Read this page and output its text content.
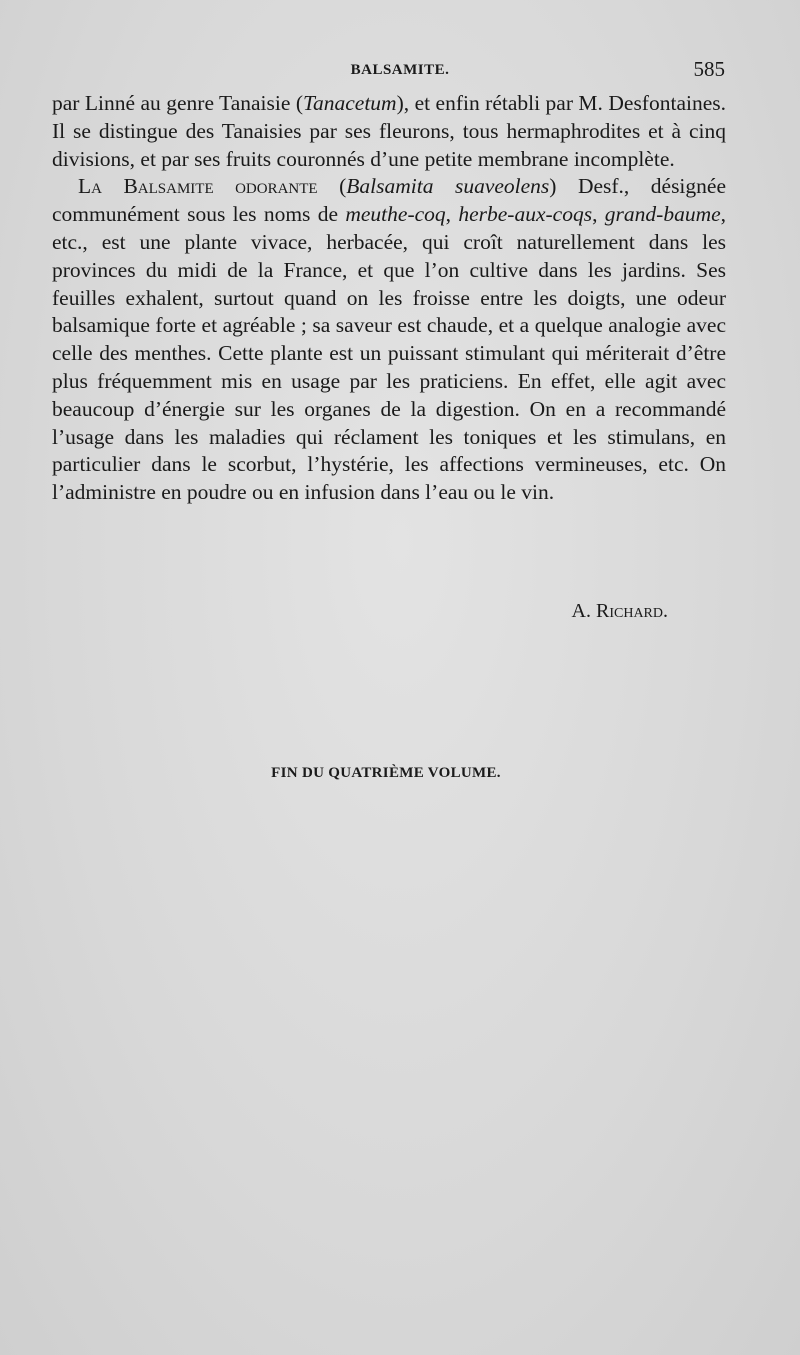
BALSAMITE.	585

par Linné au genre Tanaisie (Tanacetum), et enfin rétabli par M. Desfontaines. Il se distingue des Tanaisies par ses fleurons, tous hermaphrodites et à cinq divisions, et par ses fruits couronnés d’une petite membrane incomplète.

La Balsamite odorante (Balsamita suaveolens) Desf., désignée communément sous les noms de meuthe-coq, herbe-aux-coqs, grand-baume, etc., est une plante vivace, herbacée, qui croît naturellement dans les provinces du midi de la France, et que l’on cultive dans les jardins. Ses feuilles exhalent, surtout quand on les froisse entre les doigts, une odeur balsamique forte et agréable ; sa saveur est chaude, et a quelque analogie avec celle des menthes. Cette plante est un puissant stimulant qui mériterait d’être plus fréquemment mis en usage par les praticiens. En effet, elle agit avec beaucoup d’énergie sur les organes de la digestion. On en a recommandé l’usage dans les maladies qui réclament les toniques et les stimulans, en particulier dans le scorbut, l’hystérie, les affections vermineuses, etc. On l’administre en poudre ou en infusion dans l’eau ou le vin.

A. Richard.
FIN DU QUATRIÈME VOLUME.
